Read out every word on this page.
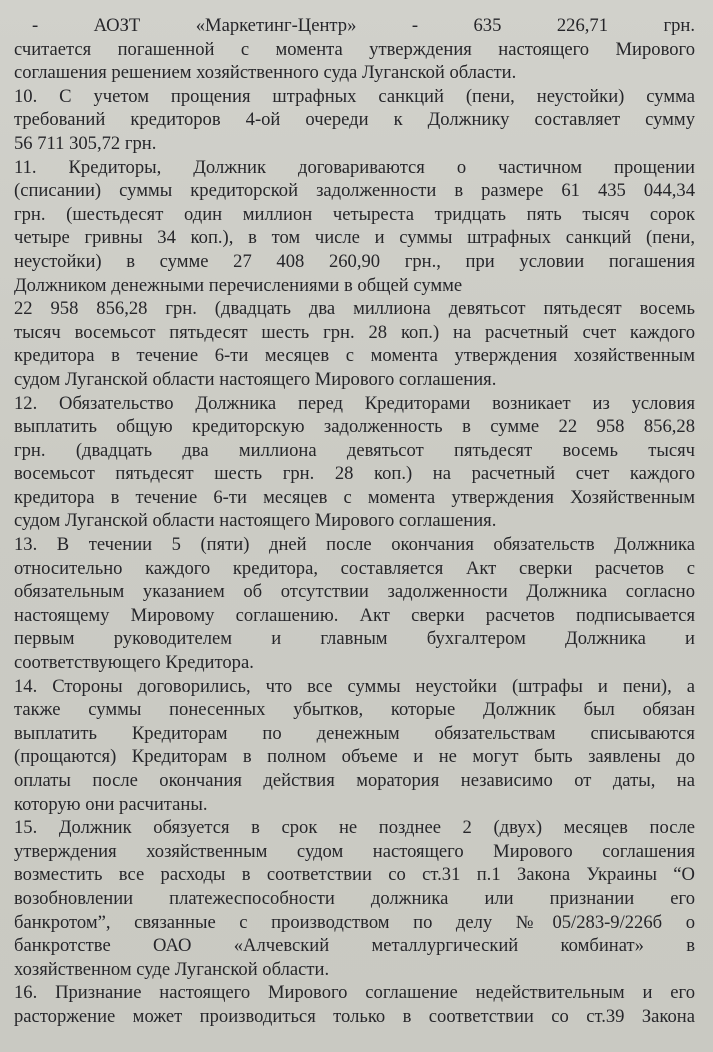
- АОЗТ «Маркетинг-Центр» - 635 226,71 грн.
считается погашенной с момента утверждения настоящего Мирового
соглашения решением хозяйственного суда Луганской области.
10. С учетом прощения штрафных санкций (пени, неустойки) сумма
требований кредиторов 4-ой очереди к Должнику составляет сумму
56 711 305,72 грн.
11. Кредиторы, Должник договариваются о частичном прощении
(списании) суммы кредиторской задолженности в размере 61 435 044,34
грн. (шестьдесят один миллион четыреста тридцать пять тысяч сорок
четыре гривны 34 коп.), в том числе и суммы штрафных санкций (пени,
неустойки) в сумме 27 408 260,90 грн., при условии погашения
Должником денежными перечислениями в общей сумме
22 958 856,28 грн. (двадцать два миллиона девятьсот пятьдесят восемь
тысяч восемьсот пятьдесят шесть грн. 28 коп.) на расчетный счет каждого
кредитора в течение 6-ти месяцев с момента утверждения хозяйственным
судом Луганской области настоящего Мирового соглашения.
12. Обязательство Должника перед Кредиторами возникает из условия
выплатить общую кредиторскую задолженность в сумме 22 958 856,28
грн. (двадцать два миллиона девятьсот пятьдесят восемь тысяч
восемьсот пятьдесят шесть грн. 28 коп.) на расчетный счет каждого
кредитора в течение 6-ти месяцев с момента утверждения Хозяйственным
судом Луганской области настоящего Мирового соглашения.
13. В течении 5 (пяти) дней после окончания обязательств Должника
относительно каждого кредитора, составляется Акт сверки расчетов с
обязательным указанием об отсутствии задолженности Должника согласно
настоящему Мировому соглашению. Акт сверки расчетов подписывается
первым руководителем и главным бухгалтером Должника и
соответствующего Кредитора.
14. Стороны договорились, что все суммы неустойки (штрафы и пени), а
также суммы понесенных убытков, которые Должник был обязан
выплатить Кредиторам по денежным обязательствам списываются
(прощаются) Кредиторам в полном объеме и не могут быть заявлены до
оплаты после окончания действия моратория независимо от даты, на
которую они расчитаны.
15. Должник обязуется в срок не позднее 2 (двух) месяцев после
утверждения хозяйственным судом настоящего Мирового соглашения
возместить все расходы в соответствии со ст.31 п.1 Закона Украины “О
возобновлении платежеспособности должника или признании его
банкротом”, связанные с производством по делу №05/283-9/226б о
банкротстве ОАО «Алчевский металлургический комбинат» в
хозяйственном суде Луганской области.
16. Признание настоящего Мирового соглашение недействительным и его
расторжение может производиться только в соответствии со ст.39 Закона
